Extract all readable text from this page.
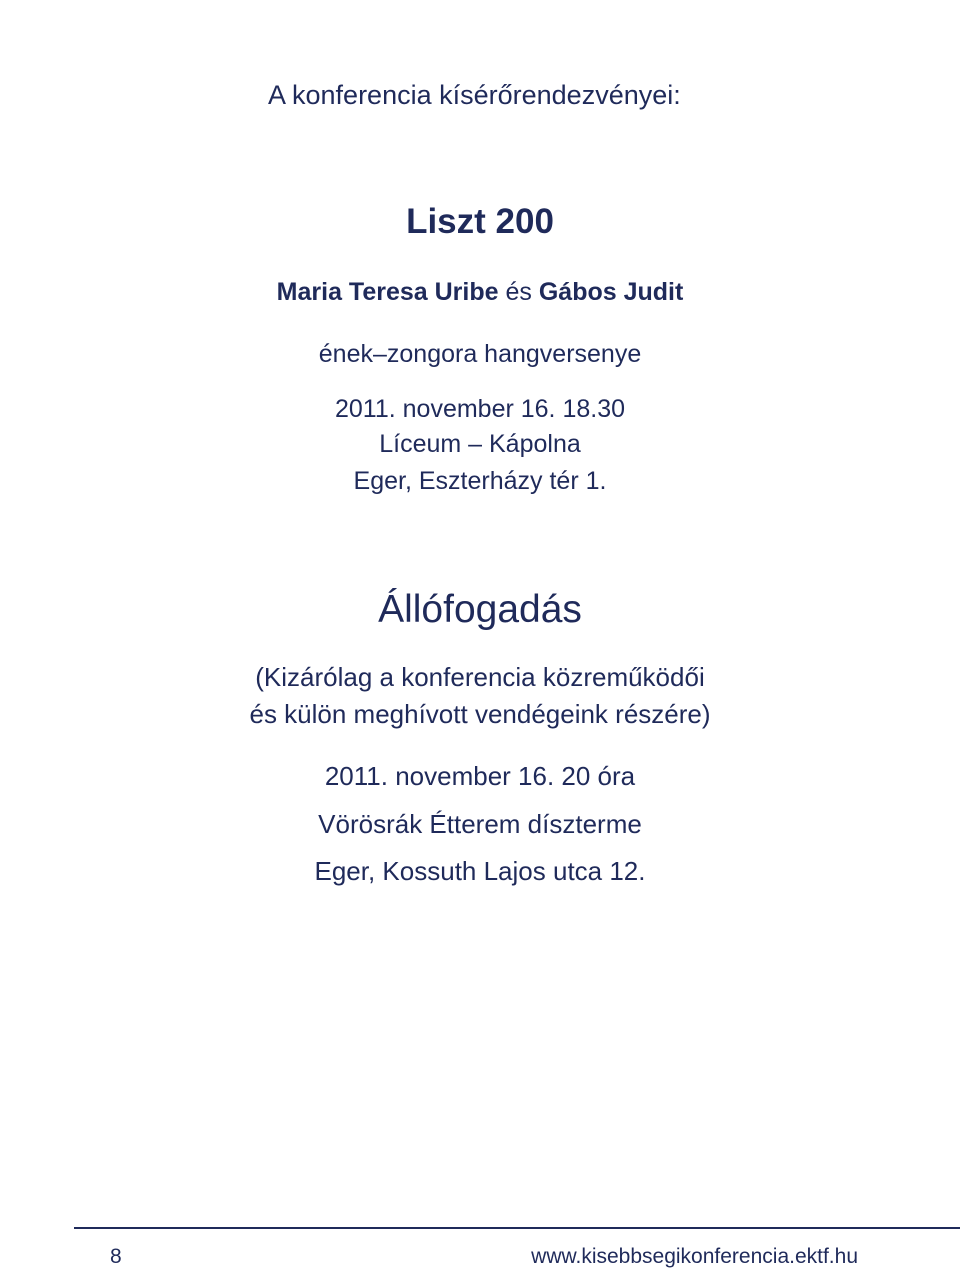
A konferencia kísérőrendezvényei:
Liszt 200
Maria Teresa Uribe és Gábos Judit
ének–zongora hangversenye
2011. november 16. 18.30
Líceum – Kápolna
Eger, Eszterházy tér 1.
Állófogadás
(Kizárólag a konferencia közreműködői
és külön meghívott vendégeink részére)
2011. november 16. 20 óra
Vörösrák Étterem díszterme
Eger, Kossuth Lajos utca 12.
8	www.kisebbsegikonferencia.ektf.hu
